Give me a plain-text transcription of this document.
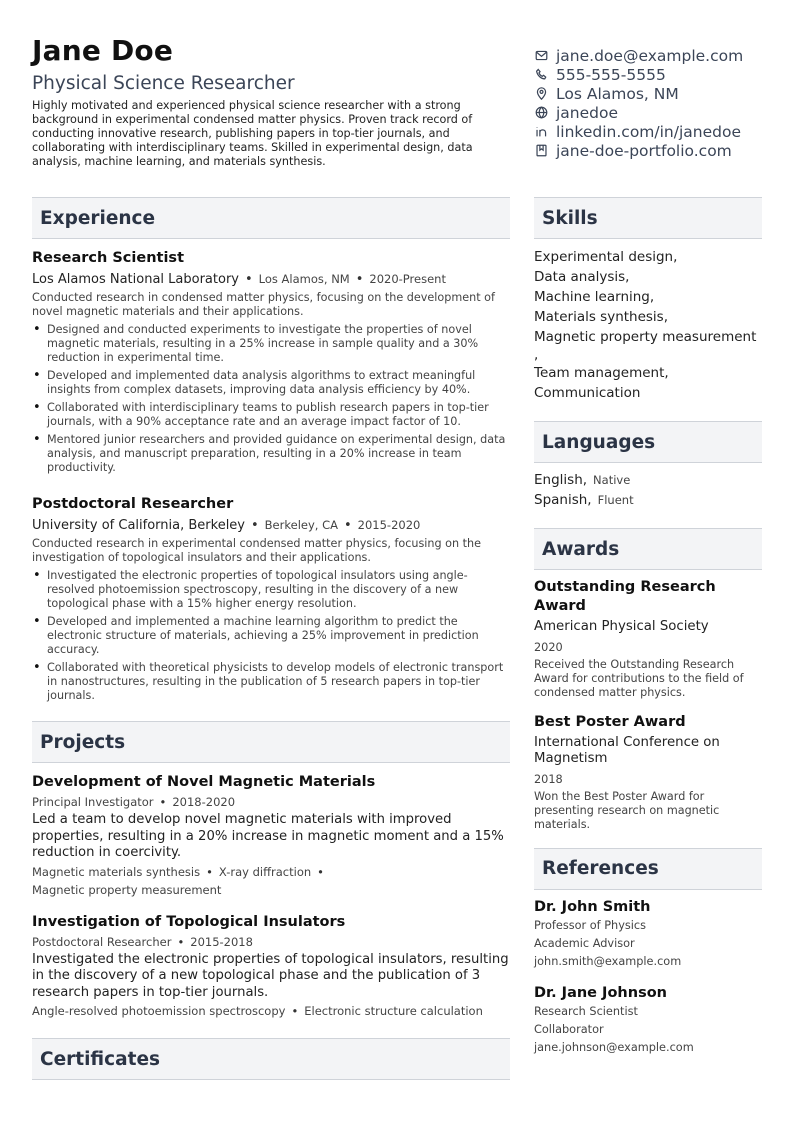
Jane Doe
Physical Science Researcher
Highly motivated and experienced physical science researcher with a strong background in experimental condensed matter physics. Proven track record of conducting innovative research, publishing papers in top-tier journals, and collaborating with interdisciplinary teams. Skilled in experimental design, data analysis, machine learning, and materials synthesis.
jane.doe@example.com
555-555-5555
Los Alamos, NM
janedoe
linkedin.com/in/janedoe
jane-doe-portfolio.com
Experience
Research Scientist
Los Alamos National Laboratory • Los Alamos, NM • 2020-Present
Conducted research in condensed matter physics, focusing on the development of novel magnetic materials and their applications.
• Designed and conducted experiments to investigate the properties of novel magnetic materials, resulting in a 25% increase in sample quality and a 30% reduction in experimental time.
• Developed and implemented data analysis algorithms to extract meaningful insights from complex datasets, improving data analysis efficiency by 40%.
• Collaborated with interdisciplinary teams to publish research papers in top-tier journals, with a 90% acceptance rate and an average impact factor of 10.
• Mentored junior researchers and provided guidance on experimental design, data analysis, and manuscript preparation, resulting in a 20% increase in team productivity.
Postdoctoral Researcher
University of California, Berkeley • Berkeley, CA • 2015-2020
Conducted research in experimental condensed matter physics, focusing on the investigation of topological insulators and their applications.
• Investigated the electronic properties of topological insulators using angle-resolved photoemission spectroscopy, resulting in the discovery of a new topological phase with a 15% higher energy resolution.
• Developed and implemented a machine learning algorithm to predict the electronic structure of materials, achieving a 25% improvement in prediction accuracy.
• Collaborated with theoretical physicists to develop models of electronic transport in nanostructures, resulting in the publication of 5 research papers in top-tier journals.
Projects
Development of Novel Magnetic Materials
Principal Investigator • 2018-2020
Led a team to develop novel magnetic materials with improved properties, resulting in a 20% increase in magnetic moment and a 15% reduction in coercivity.
Magnetic materials synthesis • X-ray diffraction •
Magnetic property measurement
Investigation of Topological Insulators
Postdoctoral Researcher • 2015-2018
Investigated the electronic properties of topological insulators, resulting in the discovery of a new topological phase and the publication of 3 research papers in top-tier journals.
Angle-resolved photoemission spectroscopy • Electronic structure calculation
Certificates
Skills
Experimental design,
Data analysis,
Machine learning,
Materials synthesis,
Magnetic property measurement
,
Team management,
Communication
Languages
English, Native
Spanish, Fluent
Awards
Outstanding Research Award
American Physical Society
2020
Received the Outstanding Research Award for contributions to the field of condensed matter physics.
Best Poster Award
International Conference on Magnetism
2018
Won the Best Poster Award for presenting research on magnetic materials.
References
Dr. John Smith
Professor of Physics
Academic Advisor
john.smith@example.com
Dr. Jane Johnson
Research Scientist
Collaborator
jane.johnson@example.com
